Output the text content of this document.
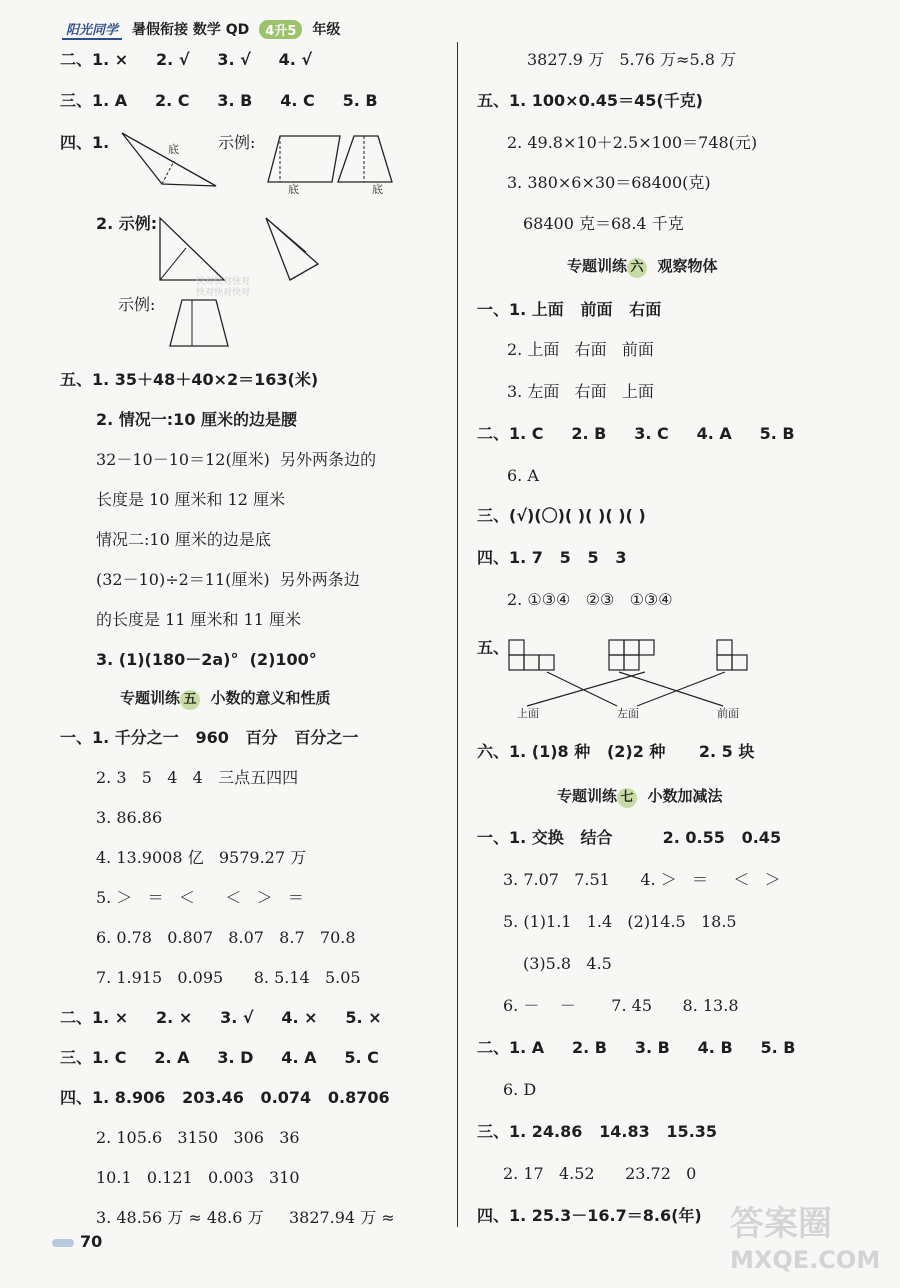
阳光同学 暑假衔接 数学 QD	4升5	年级
二、1. ×     2. √     3. √     4. √
三、1. A     2. C     3. B     4. C     5. B
四、1.	示例:
底
底	底
2. 示例:
快对快对快对
快对快对快对
示例:
五、1. 35＋48＋40×2＝163(米)
2. 情况一:10 厘米的边是腰
32－10－10＝12(厘米)  另外两条边的
长度是 10 厘米和 12 厘米
情况二:10 厘米的边是底
(32－10)÷2＝11(厘米)  另外两条边
的长度是 11 厘米和 11 厘米
3. (1)(180－2a)°  (2)100°
专题训练 五 小数的意义和性质
一、1. 千分之一   960   百分   百分之一
2. 3   5   4   4   三点五四四
3. 86.86
4. 13.9008 亿   9579.27 万
5. ＞   ＝   ＜      ＜   ＞   ＝
6. 0.78   0.807   8.07   8.7   70.8
7. 1.915   0.095      8. 5.14   5.05
二、1. ×     2. ×     3. √     4. ×     5. ×
三、1. C     2. A     3. D     4. A     5. C
四、1. 8.906   203.46   0.074   0.8706
2. 105.6   3150   306   36
10.1   0.121   0.003   310
3. 48.56 万 ≈ 48.6 万     3827.94 万 ≈
3827.9 万   5.76 万≈5.8 万
五、1. 100×0.45＝45(千克)
2. 49.8×10＋2.5×100＝748(元)
3. 380×6×30＝68400(克)
68400 克＝68.4 千克
专题训练 六 观察物体
一、1. 上面   前面   右面
2. 上面   右面   前面
3. 左面   右面   上面
二、1. C     2. B     3. C     4. A     5. B
6. A
三、(√)(〇)( )( )( )( )
四、1. 7   5   5   3
2. ①③④   ②③   ①③④
五、
上面	左面	前面
六、1. (1)8 种   (2)2 种      2. 5 块
专题训练 七 小数加减法
一、1. 交换   结合         2. 0.55   0.45
3. 7.07   7.51      4. ＞   ＝     ＜   ＞
5. (1)1.1   1.4   (2)14.5   18.5
(3)5.8   4.5
6. －    －       7. 45      8. 13.8
二、1. A     2. B     3. B     4. B     5. B
6. D
三、1. 24.86   14.83   15.35
2. 17   4.52      23.72   0
四、1. 25.3－16.7＝8.6(年)
70	答案圈
MXQE.COM
